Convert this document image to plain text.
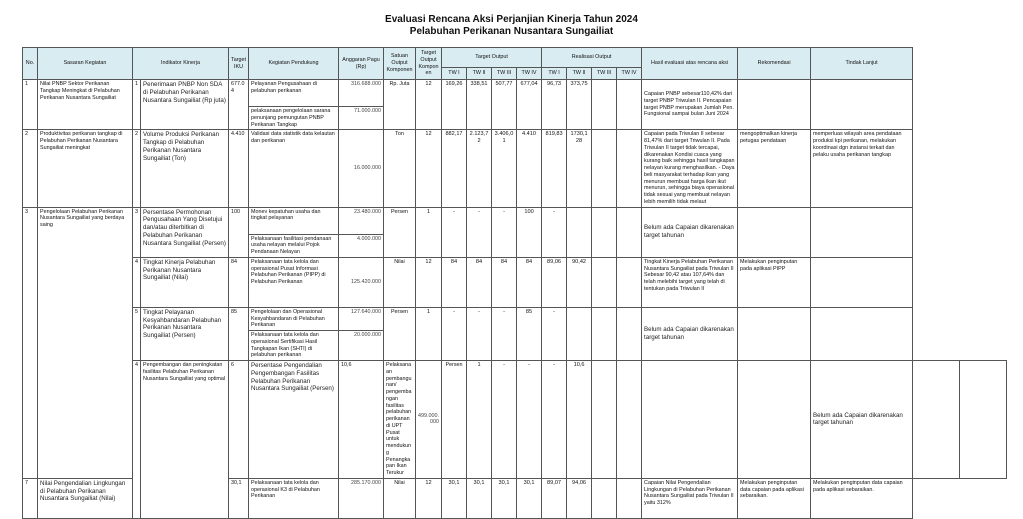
Evaluasi Rencana Aksi Perjanjian Kinerja Tahun 2024
Pelabuhan Perikanan Nusantara Sungailiat
No.	Sasaran Kegiatan	Indikator Kinerja		Target IKU	Kegiatan Pendukung	Anggaran Pagu (Rp)	Satuan Output Komponen	Target Output Komponen	Target Output				Realisasi Output				Hasil evaluasi atas rencana aksi	Rekomendasi	Tindak Lanjut		
									TW I	TW II	TW III	TW IV	TW I	TW II	TW III	TW IV					
1	Nilai PNBP Sektor Perikanan Tangkap Meningkat di Pelabuhan Perikanan Nusantara Sungailiat	1	Penerimaan PNBP Non SDA di Pelabuhan Perikanan Nusantara Sungailiat (Rp juta)	677.04	Pelayanan Pengusahaan di pelabuhan perikanan	316.688.000	Rp. Juta	12	169,26	338,51	507,77	677,04	96,73	373,75			Capaian PNBP sebesar110,42% dari target PNBP Triwulan II. Pencapaian target PNBP merupakan Jumlah Pen. Fungsional sampai bulan Juni 2024				
					pelaksanaan pengelolaan sarana penunjang pemungutan PNBP Perikanan Tangkap	71.000.000															
2	Produktivitas perikanan tangkap di Pelabuhan Perikanan Nusantara Sungailiat meningkat	2	Volume Produksi Perikanan Tangkap di Pelabuhan Perikanan Nusantara Sungailiat (Ton)	4.410	Validasi data statistik data kelautan dan perikanan	16.000.000	Ton	12	882,17	2.123,72	3.406,01	4.410	819,83	1730,128			Capaian pada Triwulan II sebesar 81,47% dari target Triwulan II. Pada Triwulan II target tidak tercapai, dikarenakan Kondisi cuaca yang kurang baik sehingga hasil tangkapan nelayan kurang menghasilkan. - Daya beli masyarakat terhadap ikan yang menurun membuat harga ikan ikut menurun, sehingga biaya operasional tidak sesuai yang membuat nelayan lebih memilih tidak melaut	mengoptimalkan kinerja petugas pendataan	memperluas wilayah area pendataan produksi kpi perikanan, melakukan koordinasi dgn instansi terkait dan pelaku usaha perikanan tangkap		
3	Pengelolaan Pelabuhan Perikanan Nusantara Sungailiat yang berdaya saing	3	Persentase Permohonan Pengusahaan Yang Disetujui dan/atau diterbitkan di Pelabuhan Perikanan Nusantara Sungailiat (Persen)	100	Monev kepatuhan usaha dan tingkat pelayanan	23.480.000	Persen	1	-	-	-	100	-				Belum ada Capaian dikarenakan target tahunan				
					Pelaksanaan fasilitasi pendanaan usaha nelayan melalui Pojok Pendanaan Nelayan	4.000.000															
		4	Tingkat Kinerja Pelabuhan Perikanan Nusantara Sungailiat (Nilai)	84	Pelaksanaan tata kelola dan operasional Pusat Informasi Pelabuhan Perikanan (PIPP) di Pelabuhan Perikanan	125.420.000	Nilai	12	84	84	84	84	89,06	90,42			Tingkat Kinerja Pelabuhan Perikanan Nusantara Sungailiat pada Triwulan II Sebesar 90,42 atau 107,64% dan telah melebihi target yang telah di tentukan pada Triwulan II	Melakukan penginputan pada aplikasi PIPP			
		5	Tingkat Pelayanan Kesyahbandaran Pelabuhan Perikanan Nusantara Sungailiat (Persen)	85	Pengelolaan dan Operasional Kesyahbandaran di Pelabuhan Perikanan	127.640.000	Persen	1	-	-	-	85	-				Belum ada Capaian dikarenakan target tahunan				
					Pelaksanaan tata kelola dan operasional Sertifikasi Hasil Tangkapan Ikan (SHTI) di pelabuhan perikanan	20.000.000															
		4	Pengembangan dan peningkatan fasilitas Pelabuhan Perikanan Nusantara Sungailiat yang optimal	6	Persentase Pengendalian Pengembangan Fasilitas Pelabuhan Perikanan Nusantara Sungailiat (Persen)	10,6	Pelaksanaan pembangunan/ pengembangan fasilitas pelabuhan perikanan di UPT Pusat untuk mendukung Penangkapan Ikan Terukur	499.000.000	Persen	1	-	-	-	10,6					Belum ada Capaian dikarenakan target tahunan		
7	Nilai Pengendalian Lingkungan di Pelabuhan Perikanan Nusantara Sungailiat (Nilai)			30,1	Pelaksanaan tata kelola dan operasional K3 di Pelabuhan Perikanan	285.170.000	Nilai	12	30,1	30,1	30,1	30,1	89,07	94,06			Capaian Nilai Pengendalian Lingkungan di Pelabuhan Perikanan Nusantara Sungailiat pada Triwulan II yaitu 312%	Melakukan penginputan data capaian pada aplikasi sebaraikan.	Melakukan penginputan data capaian pada aplikasi sebaraikan.		
